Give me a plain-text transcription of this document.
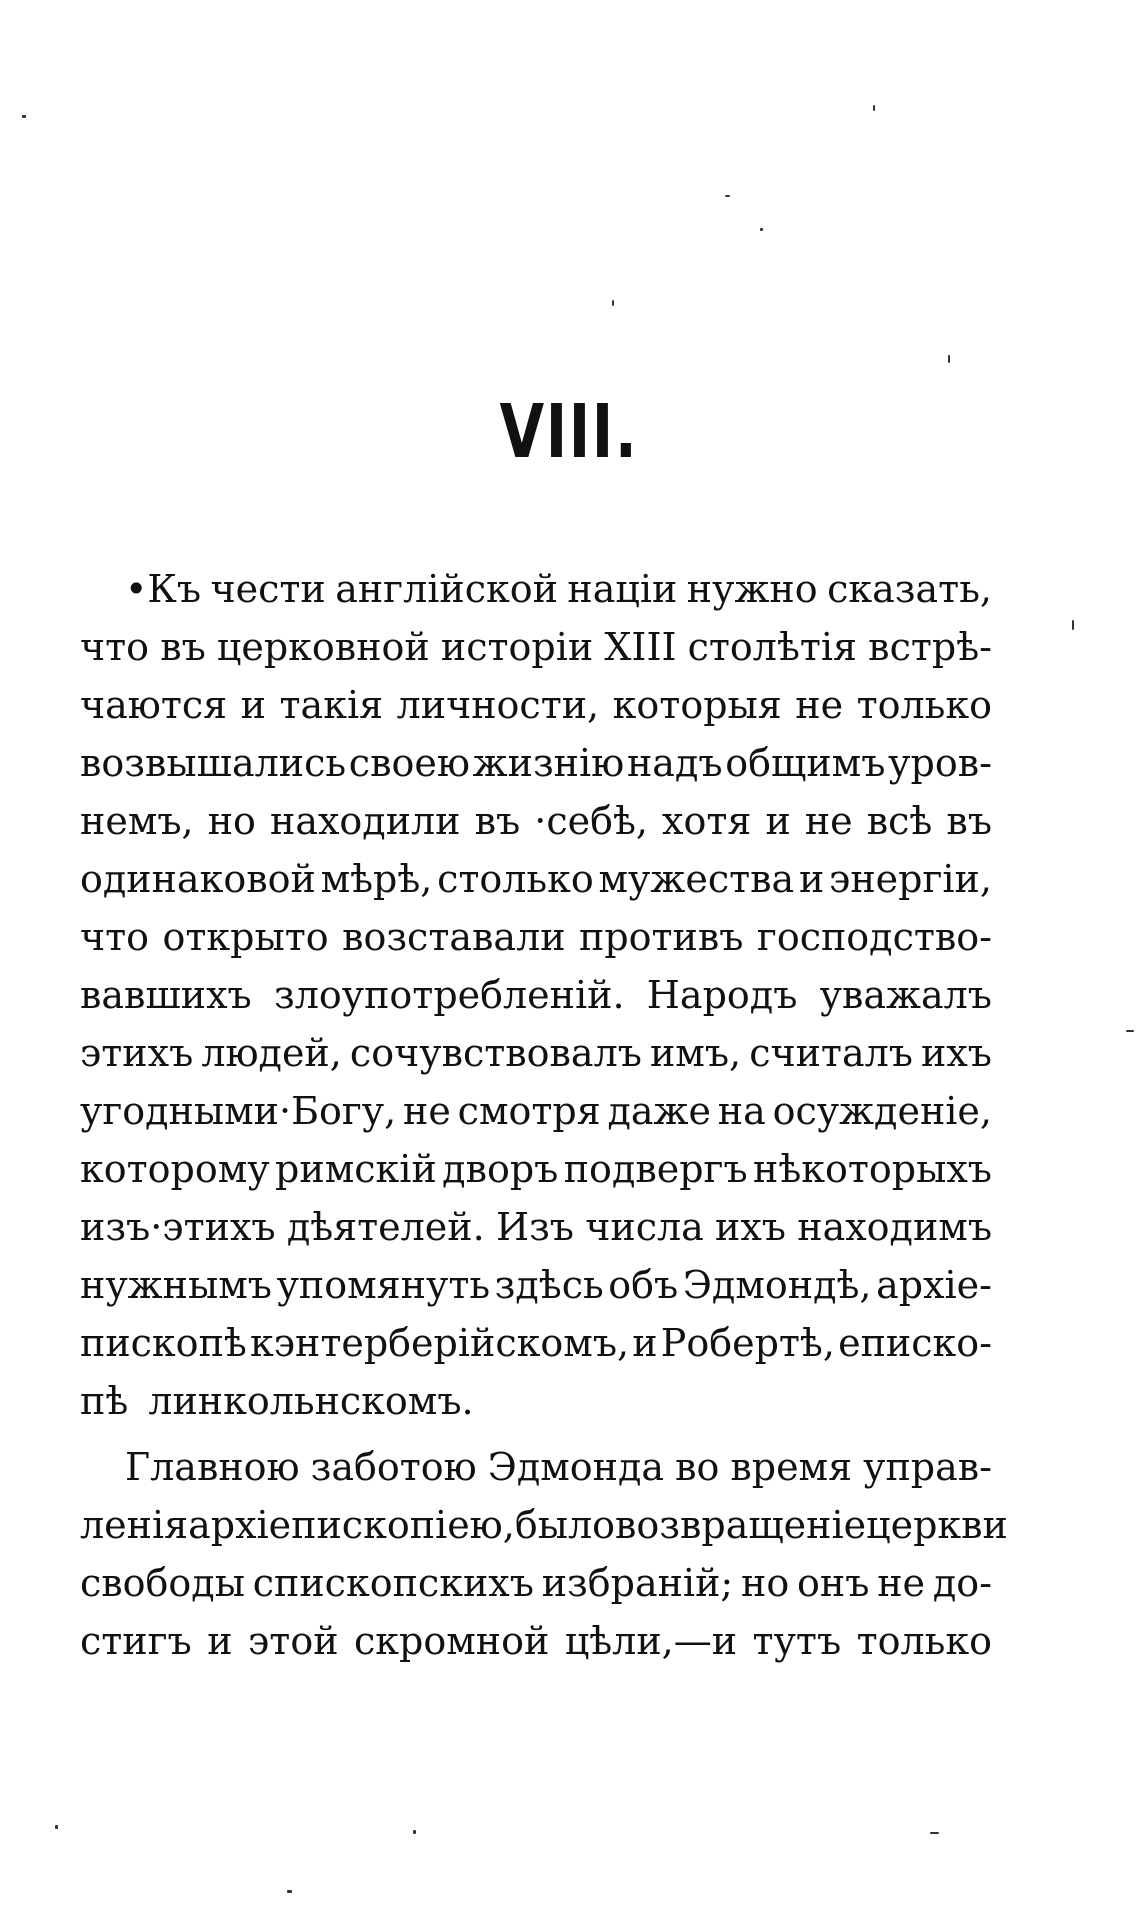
VIII.
•Къ чести англійской націи нужно сказать,
что въ церковной исторіи XIII столѣтія встрѣ-
чаются и такія личности, которыя не только
возвышались своею жизнію надъ общимъ уров-
немъ, но находили въ ·себѣ, хотя и не всѣ въ
одинаковой мѣрѣ, столько мужества и энергіи,
что открыто возставали противъ господство-
вавшихъ злоупотребленій. Народъ уважалъ
этихъ людей, сочувствовалъ имъ, считалъ ихъ
угодными·Богу, не смотря даже на осужденіе,
которому римскій дворъ подвергъ нѣкоторыхъ
изъ·этихъ дѣятелей. Изъ числа ихъ находимъ
нужнымъ упомянуть здѣсь объ Эдмондѣ, архіе-
пископѣ кэнтерберійскомъ, и Робертѣ, еписко-
пѣ линкольнскомъ.
Главною заботою Эдмонда во время управ-
ленія архіепископіею, было возвращеніе церкви
свободы спископскихъ избраній; но онъ не до-
стигъ и этой скромной цѣли,—и тутъ только
